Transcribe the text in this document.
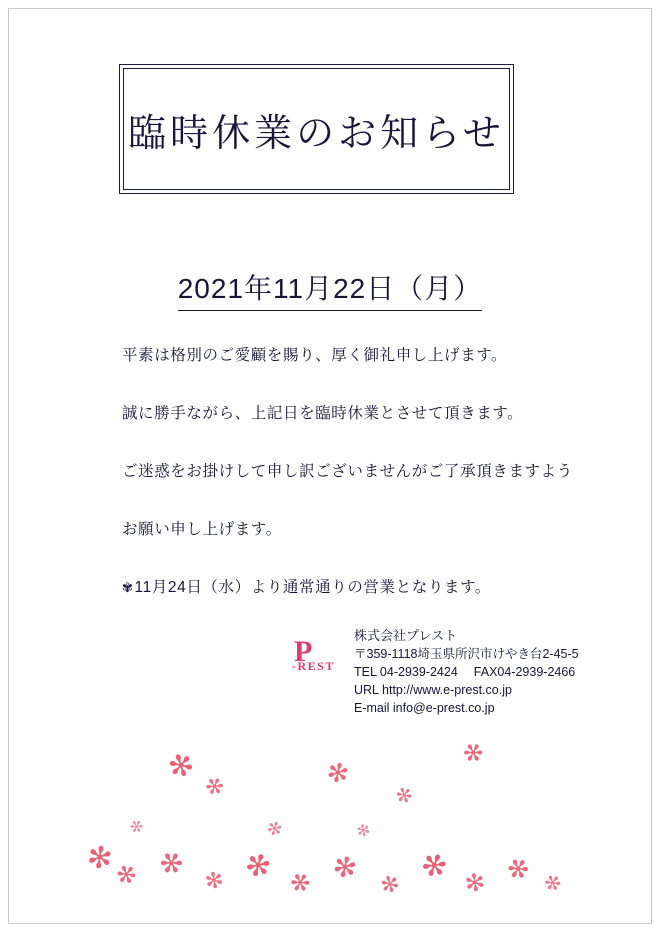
臨時休業のお知らせ
2021年11月22日（月）
平素は格別のご愛顧を賜り、厚く御礼申し上げます。
誠に勝手ながら、上記日を臨時休業とさせて頂きます。
ご迷惑をお掛けして申し訳ございませんがご了承頂きますよう
お願い申し上げます。
✾11月24日（水）より通常通りの営業となります。
P
-REST
株式会社プレスト
〒359-1118埼玉県所沢市けやき台2-45-5
TEL 04-2939-2424 FAX04-2939-2466
URL http://www.e-prest.co.jp
E-mail info@e-prest.co.jp
✻
✻	✻
✻
✻
✻
✻ ✻ ✻ ✻ ✻ ✻ ✻ ✻ ✻ ✻ ✻
✻	✻
✻
